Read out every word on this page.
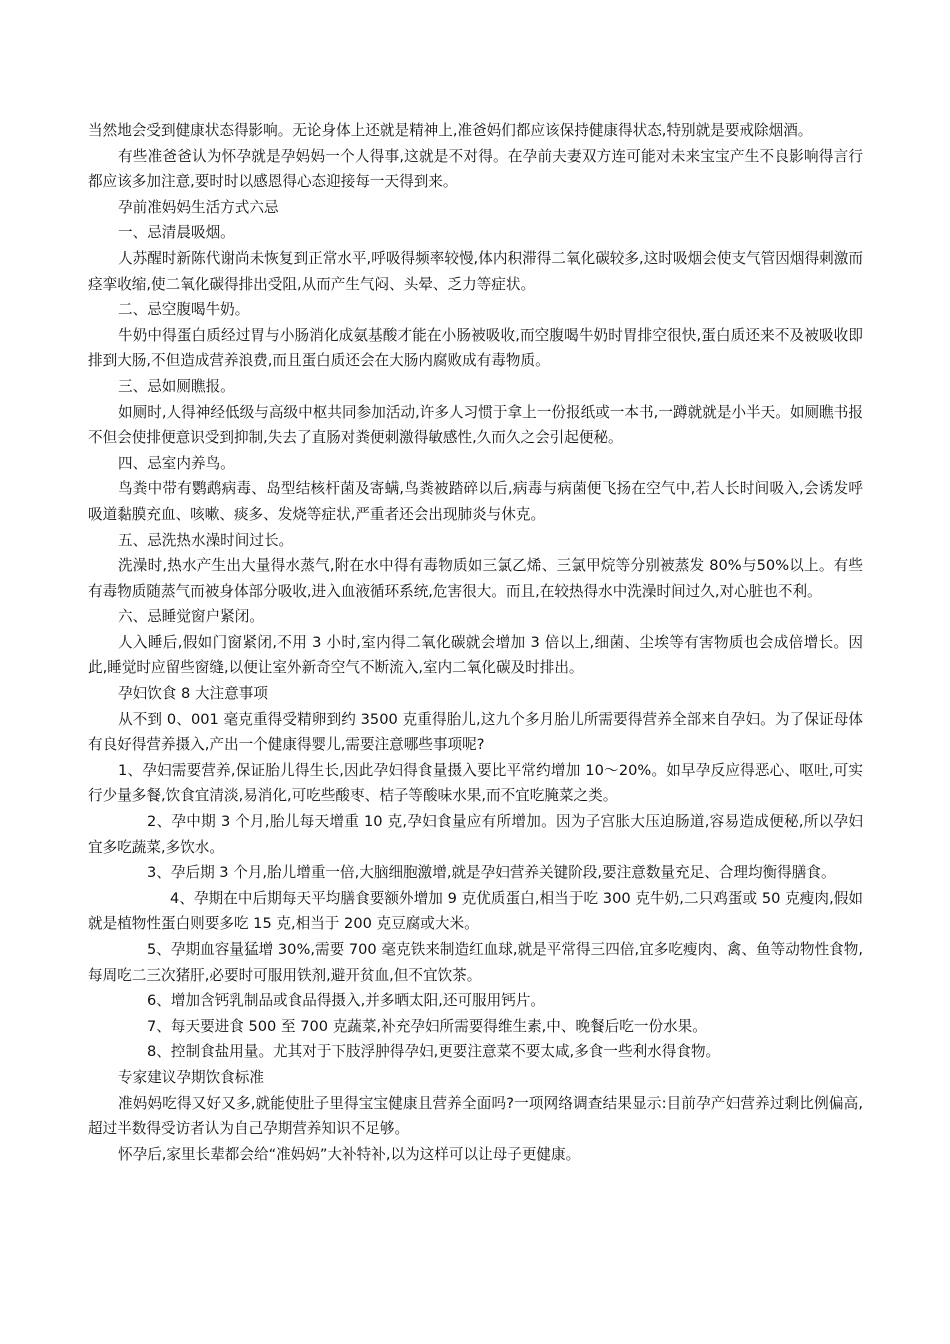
当然地会受到健康状态得影响。无论身体上还就是精神上,准爸妈们都应该保持健康得状态,特别就是要戒除烟酒。

有些准爸爸认为怀孕就是孕妈妈一个人得事,这就是不对得。在孕前夫妻双方连可能对未来宝宝产生不良影响得言行都应该多加注意,要时时以感恩得心态迎接每一天得到来。

孕前准妈妈生活方式六忌

一、忌清晨吸烟。

人苏醒时新陈代谢尚未恢复到正常水平,呼吸得频率较慢,体内积滞得二氧化碳较多,这时吸烟会使支气管因烟得刺激而痉挛收缩,使二氧化碳得排出受阻,从而产生气闷、头晕、乏力等症状。

二、忌空腹喝牛奶。

牛奶中得蛋白质经过胃与小肠消化成氨基酸才能在小肠被吸收,而空腹喝牛奶时胃排空很快,蛋白质还来不及被吸收即排到大肠,不但造成营养浪费,而且蛋白质还会在大肠内腐败成有毒物质。

三、忌如厕瞧报。

如厕时,人得神经低级与高级中枢共同参加活动,许多人习惯于拿上一份报纸或一本书,一蹲就就是小半天。如厕瞧书报不但会使排便意识受到抑制,失去了直肠对粪便刺激得敏感性,久而久之会引起便秘。

四、忌室内养鸟。

鸟粪中带有鹦鹉病毒、岛型结核杆菌及寄螨,鸟粪被踏碎以后,病毒与病菌便飞扬在空气中,若人长时间吸入,会诱发呼吸道黏膜充血、咳嗽、痰多、发烧等症状,严重者还会出现肺炎与休克。

五、忌洗热水澡时间过长。

洗澡时,热水产生出大量得水蒸气,附在水中得有毒物质如三氯乙烯、三氯甲烷等分别被蒸发 80%与50%以上。有些有毒物质随蒸气而被身体部分吸收,进入血液循环系统,危害很大。而且,在较热得水中洗澡时间过久,对心脏也不利。

六、忌睡觉窗户紧闭。

人入睡后,假如门窗紧闭,不用 3 小时,室内得二氧化碳就会增加 3 倍以上,细菌、尘埃等有害物质也会成倍增长。因此,睡觉时应留些窗缝,以便让室外新奇空气不断流入,室内二氧化碳及时排出。

孕妇饮食 8 大注意事项

从不到 0、001 毫克重得受精卵到约 3500 克重得胎儿,这九个多月胎儿所需要得营养全部来自孕妇。为了保证母体有良好得营养摄入,产出一个健康得婴儿,需要注意哪些事项呢?

1、孕妇需要营养,保证胎儿得生长,因此孕妇得食量摄入要比平常约增加 10～20%。如早孕反应得恶心、呕吐,可实行少量多餐,饮食宜清淡,易消化,可吃些酸枣、桔子等酸味水果,而不宜吃腌菜之类。

2、孕中期 3 个月,胎儿每天增重 10 克,孕妇食量应有所增加。因为子宫胀大压迫肠道,容易造成便秘,所以孕妇宜多吃蔬菜,多饮水。

3、孕后期 3 个月,胎儿增重一倍,大脑细胞激增,就是孕妇营养关键阶段,要注意数量充足、合理均衡得膳食。

4、孕期在中后期每天平均膳食要额外增加 9 克优质蛋白,相当于吃 300 克牛奶,二只鸡蛋或 50 克瘦肉,假如就是植物性蛋白则要多吃 15 克,相当于 200 克豆腐或大米。

5、孕期血容量猛增 30%,需要 700 毫克铁来制造红血球,就是平常得三四倍,宜多吃瘦肉、禽、鱼等动物性食物,每周吃二三次猪肝,必要时可服用铁剂,避开贫血,但不宜饮茶。

6、增加含钙乳制品或食品得摄入,并多晒太阳,还可服用钙片。

7、每天要进食 500 至 700 克蔬菜,补充孕妇所需要得维生素,中、晚餐后吃一份水果。

8、控制食盐用量。尤其对于下肢浮肿得孕妇,更要注意菜不要太咸,多食一些利水得食物。

专家建议孕期饮食标准

准妈妈吃得又好又多,就能使肚子里得宝宝健康且营养全面吗?一项网络调查结果显示:目前孕产妇营养过剩比例偏高,超过半数得受访者认为自己孕期营养知识不足够。

怀孕后,家里长辈都会给“准妈妈”大补特补,以为这样可以让母子更健康。
